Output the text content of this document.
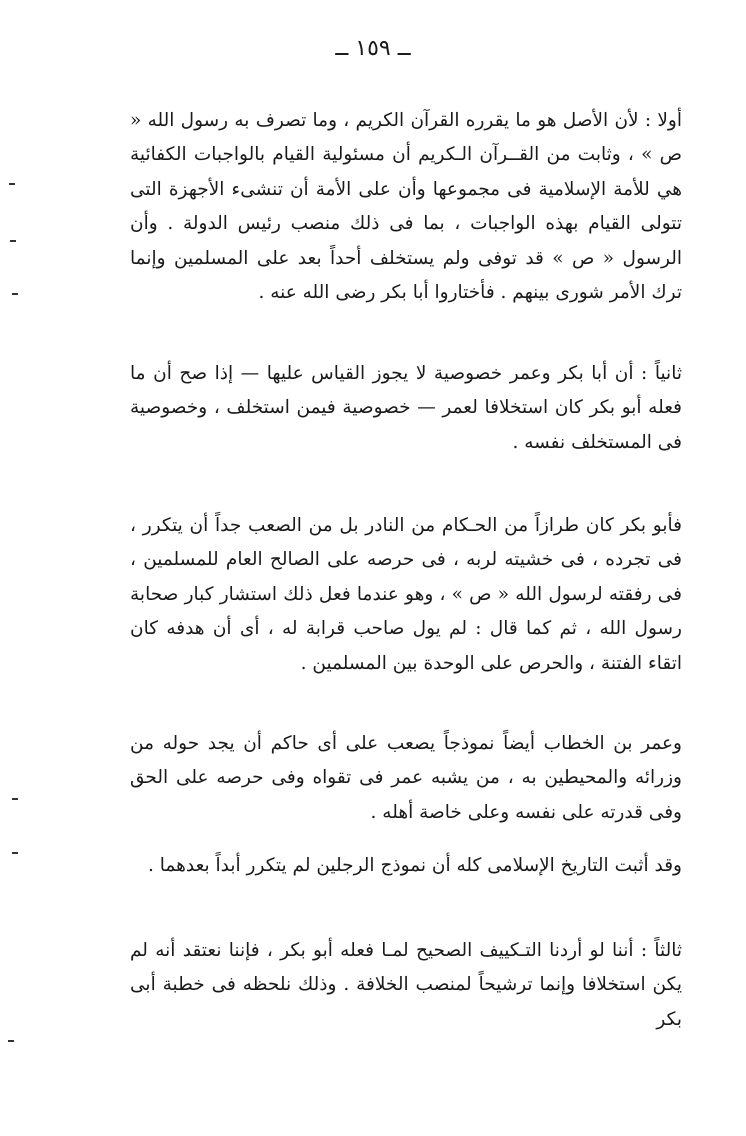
ــ ١٥٩ ــ

أولا : لأن الأصل هو ما يقرره القرآن الكريم ، وما تصرف به رسول الله « ص » ، وثابت من القــرآن الـكريم أن مسئولية القيام بالواجبات الكفائية هي للأمة الإسلامية فى مجموعها وأن على الأمة أن تنشىء الأجهزة التى تتولى القيام بهذه الواجبات ، بما فى ذلك منصب رئيس الدولة . وأن الرسول « ص » قد توفى ولم يستخلف أحداً بعد على المسلمين وإنما ترك الأمر شورى بينهم . فأختاروا أبا بكر رضى الله عنه .

ثانياً : أن أبا بكر وعمر خصوصية لا يجوز القياس عليها — إذا صح أن ما فعله أبو بكر كان استخلافا لعمر — خصوصية فيمن استخلف ، وخصوصية فى المستخلف نفسه .

فأبو بكر كان طرازاً من الحـكام من النادر بل من الصعب جداً أن يتكرر ، فى تجرده ، فى خشيته لربه ، فى حرصه على الصالح العام للمسلمين ، فى رفقته لرسول الله « ص » ، وهو عندما فعل ذلك استشار كبار صحابة رسول الله ، ثم كما قال : لم يول صاحب قرابة له ، أى أن هدفه كان اتقاء الفتنة ، والحرص على الوحدة بين المسلمين .

وعمر بن الخطاب أيضاً نموذجاً يصعب على أى حاكم أن يجد حوله من وزرائه والمحيطين به ، من يشبه عمر فى تقواه وفى حرصه على الحق وفى قدرته على نفسه وعلى خاصة أهله .

وقد أثبت التاريخ الإسلامى كله أن نموذج الرجلين لم يتكرر أبداً بعدهما .

ثالثاً : أننا لو أردنا التـكييف الصحيح لمـا فعله أبو بكر ، فإننا نعتقد أنه لم يكن استخلافا وإنما ترشيحاً لمنصب الخلافة . وذلك نلحظه فى خطبة أبى بكر
